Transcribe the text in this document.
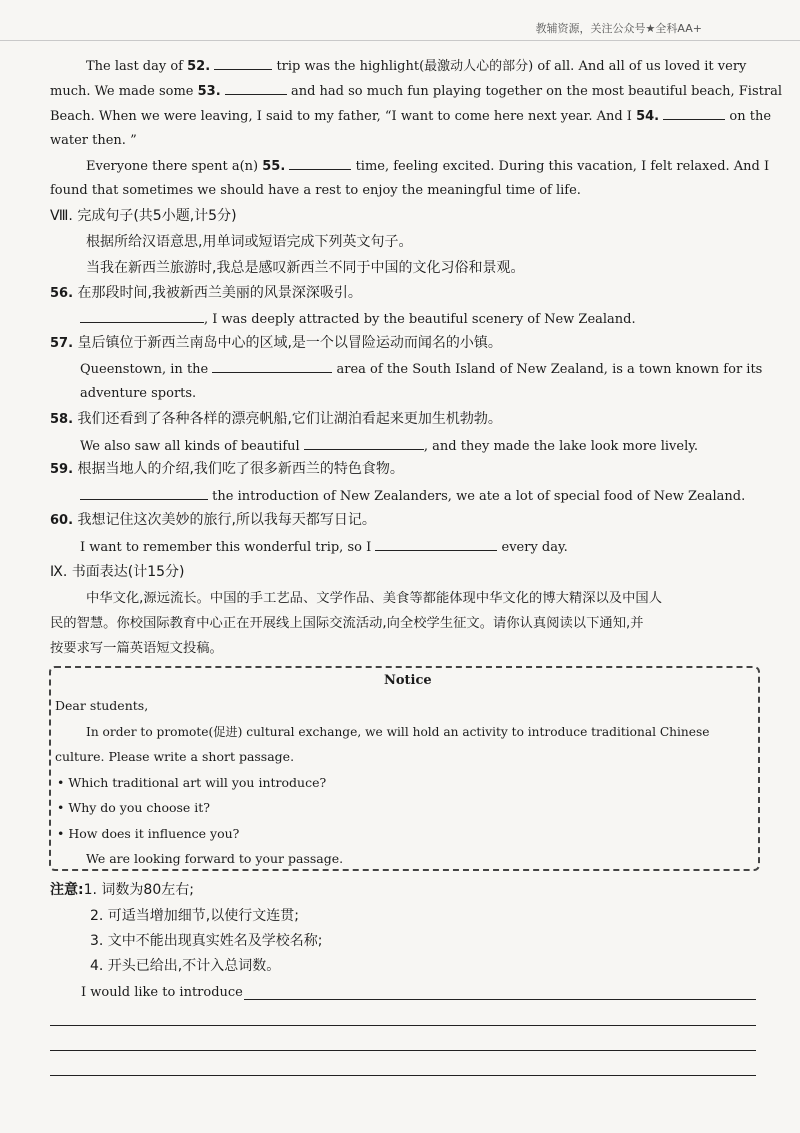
教辅资源，关注公众号★全科AA+
The last day of 52.	trip was the highlight(最激动人心的部分) of all. And all of us loved it very
much. We made some 53.	and had so much fun playing together on the most beautiful beach, Fistral
Beach. When we were leaving, I said to my father, “I want to come here next year. And I 54.	on the
water then. ”
Everyone there spent a(n) 55.	time, feeling excited. During this vacation, I felt relaxed. And I
found that sometimes we should have a rest to enjoy the meaningful time of life.
Ⅷ. 完成句子(共5小题,计5分)
根据所给汉语意思,用单词或短语完成下列英文句子。
当我在新西兰旅游时,我总是感叹新西兰不同于中国的文化习俗和景观。
56. 在那段时间,我被新西兰美丽的风景深深吸引。
, I was deeply attracted by the beautiful scenery of New Zealand.
57. 皇后镇位于新西兰南岛中心的区域,是一个以冒险运动而闻名的小镇。
Queenstown, in the	area of the South Island of New Zealand, is a town known for its
adventure sports.
58. 我们还看到了各种各样的漂亮帆船,它们让湖泊看起来更加生机勃勃。
We also saw all kinds of beautiful	, and they made the lake look more lively.
59. 根据当地人的介绍,我们吃了很多新西兰的特色食物。
the introduction of New Zealanders, we ate a lot of special food of New Zealand.
60. 我想记住这次美妙的旅行,所以我每天都写日记。
I want to remember this wonderful trip, so I	every day.
Ⅸ. 书面表达(计15分)
中华文化,源远流长。中国的手工艺品、文学作品、美食等都能体现中华文化的博大精深以及中国人
民的智慧。你校国际教育中心正在开展线上国际交流活动,向全校学生征文。请你认真阅读以下通知,并
按要求写一篇英语短文投稿。
Notice
Dear students,
In order to promote(促进) cultural exchange, we will hold an activity to introduce traditional Chinese
culture. Please write a short passage.
• Which traditional art will you introduce?
• Why do you choose it?
• How does it influence you?
We are looking forward to your passage.
注意:1. 词数为80左右;
2. 可适当增加细节,以使行文连贯;
3. 文中不能出现真实姓名及学校名称;
4. 开头已给出,不计入总词数。
I would like to introduce
